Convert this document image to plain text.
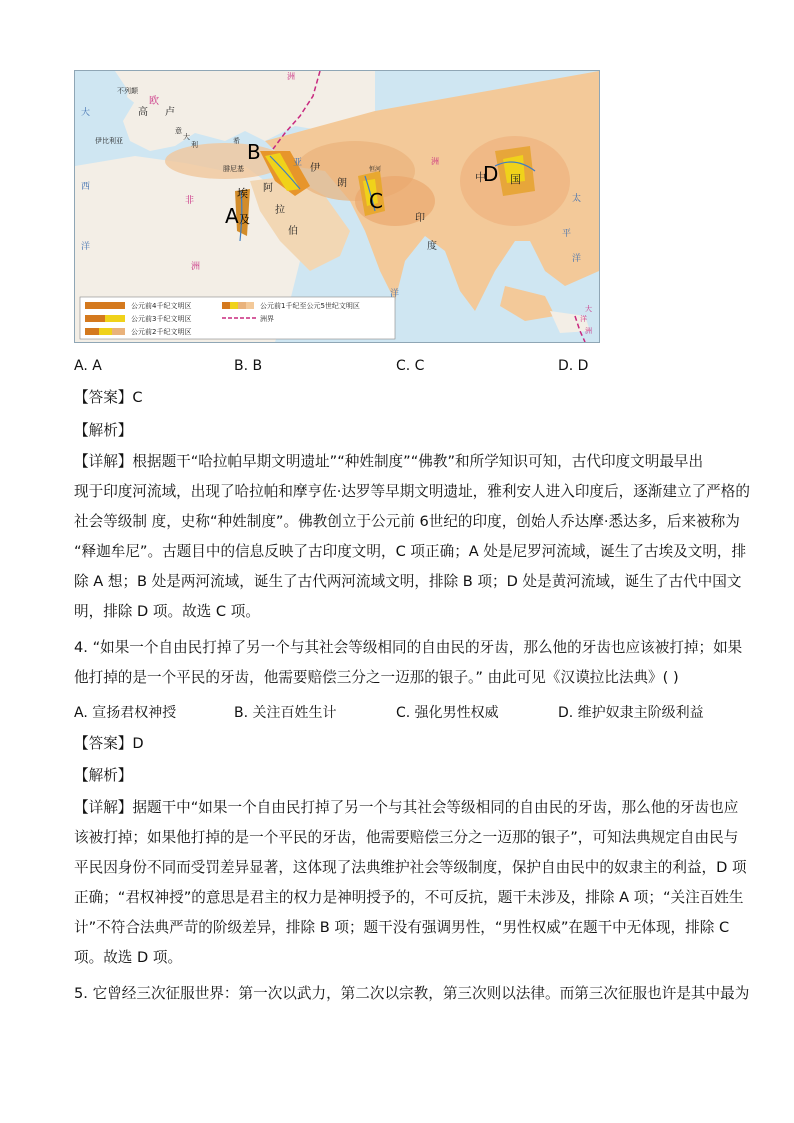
公元前4千纪文明区
公元前3千纪文明区
公元前2千纪文明区
公元前1千纪至公元5世纪文明区
洲界
不列颠
欧
高 卢
伊比利亚
意
大
利	希
腓尼基
亚 伊
朗
阿
拉
伯
印
度
中 国
洲
洲
非
洲
大
西
洋
太
平
洋
洋
大
洋
洲
恒河
B
A
埃
及
C
D
A. A	B. B	C. C	D. D
【答案】C
【解析】
【详解】根据题干“哈拉帕早期文明遗址”“种姓制度”“佛教”和所学知识可知，古代印度文明最早出
现于印度河流域，出现了哈拉帕和摩亨佐·达罗等早期文明遗址，雅利安人进入印度后，逐渐建立了严格的
社会等级制 度，史称“种姓制度”。佛教创立于公元前 6世纪的印度，创始人乔达摩·悉达多，后来被称为
“释迦牟尼”。古题目中的信息反映了古印度文明，C 项正确；A 处是尼罗河流域，诞生了古埃及文明，排
除 A 想；B 处是两河流域，诞生了古代两河流域文明，排除 B 项；D 处是黄河流域，诞生了古代中国文
明，排除 D 项。故选 C 项。
4. “如果一个自由民打掉了另一个与其社会等级相同的自由民的牙齿，那么他的牙齿也应该被打掉；如果
他打掉的是一个平民的牙齿，他需要赔偿三分之一迈那的银子。” 由此可见《汉谟拉比法典》( )
A. 宣扬君权神授	B. 关注百姓生计	C. 强化男性权威	D. 维护奴隶主阶级利益
【答案】D
【解析】
【详解】据题干中“如果一个自由民打掉了另一个与其社会等级相同的自由民的牙齿，那么他的牙齿也应
该被打掉；如果他打掉的是一个平民的牙齿，他需要赔偿三分之一迈那的银子”，可知法典规定自由民与
平民因身份不同而受罚差异显著，这体现了法典维护社会等级制度，保护自由民中的奴隶主的利益，D 项
正确；“君权神授”的意思是君主的权力是神明授予的，不可反抗，题干未涉及，排除 A 项；“关注百姓生
计”不符合法典严苛的阶级差异，排除 B 项；题干没有强调男性，“男性权威”在题干中无体现，排除 C
项。故选 D 项。
5. 它曾经三次征服世界：第一次以武力，第二次以宗教，第三次则以法律。而第三次征服也许是其中最为
